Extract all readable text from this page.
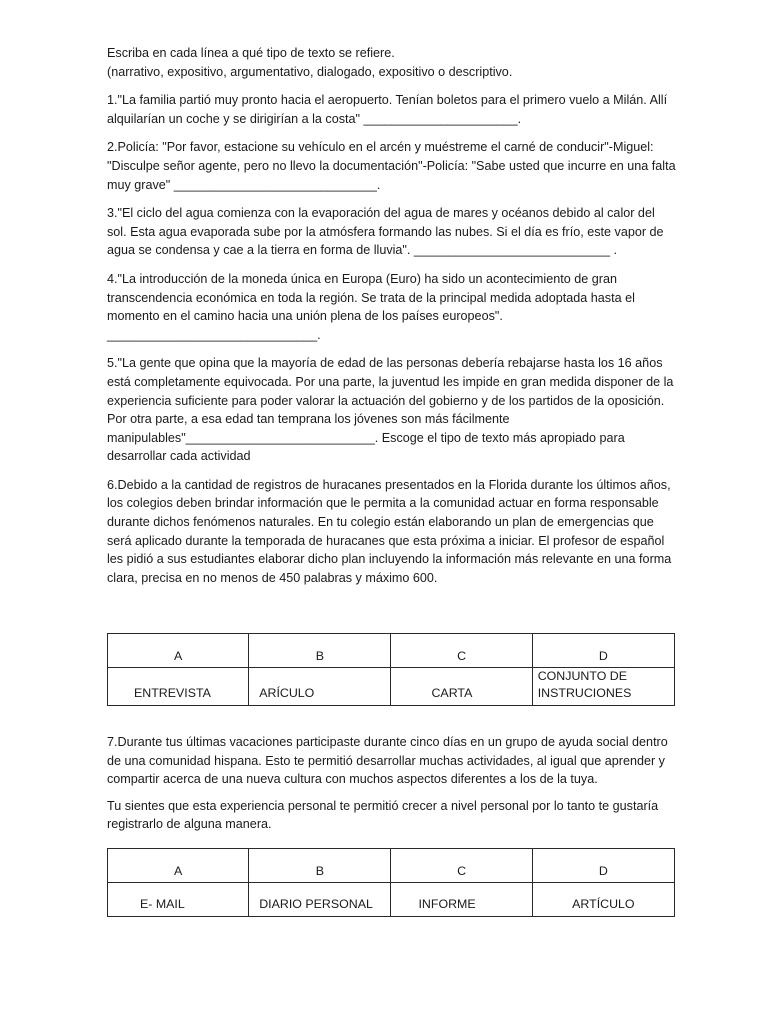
Escriba en cada línea a qué tipo de texto se refiere.
(narrativo, expositivo, argumentativo, dialogado, expositivo o descriptivo.

1."La familia partió muy pronto hacia el aeropuerto. Tenían boletos para el primero vuelo a Milán. Allí alquilarían un coche y se dirigirían a la costa" ______________________.

2.Policía: "Por favor, estacione su vehículo en el arcén y muéstreme el carné de conducir"-Miguel: "Disculpe señor agente, pero no llevo la documentación"-Policía: "Sabe usted que incurre en una falta muy grave" _____________________________.

3."El ciclo del agua comienza con la evaporación del agua de mares y océanos debido al calor del sol. Esta agua evaporada sube por la atmósfera formando las nubes. Si el día es frío, este vapor de agua se condensa y cae a la tierra en forma de lluvia". ____________________________ .

4."La introducción de la moneda única en Europa (Euro) ha sido un acontecimiento de gran transcendencia económica en toda la región. Se trata de la principal medida adoptada hasta el momento en el camino hacia una unión plena de los países europeos". ______________________________.

5."La gente que opina que la mayoría de edad de las personas debería rebajarse hasta los 16 años está completamente equivocada. Por una parte, la juventud les impide en gran medida disponer de la experiencia suficiente para poder valorar la actuación del gobierno y de los partidos de la oposición. Por otra parte, a esa edad tan temprana los jóvenes son más fácilmente manipulables"___________________________. Escoge el tipo de texto más apropiado para desarrollar cada actividad

6.Debido a la cantidad de registros de huracanes presentados en la Florida durante los últimos años, los colegios deben brindar información que le permita a la comunidad actuar en forma responsable durante dichos fenómenos naturales. En tu colegio están elaborando un plan de emergencias que será aplicado durante la temporada de huracanes que esta próxima a iniciar. El profesor de español les pidió a sus estudiantes elaborar dicho plan incluyendo la información más relevante en una forma clara, precisa en no menos de 450 palabras y máximo 600.

A	B	C	D
ENTREVISTA	ARÍCULO	CARTA	CONJUNTO DE INSTRUCIONES

7.Durante tus últimas vacaciones participaste durante cinco días en un grupo de ayuda social dentro de una comunidad hispana. Esto te permitió desarrollar muchas actividades, al igual que aprender y compartir acerca de una nueva cultura con muchos aspectos diferentes a los de la tuya.

Tu sientes que esta experiencia personal te permitió crecer a nivel personal por lo tanto te gustaría registrarlo de alguna manera.

A	B	C	D
E- MAIL	DIARIO PERSONAL	INFORME	ARTÍCULO
